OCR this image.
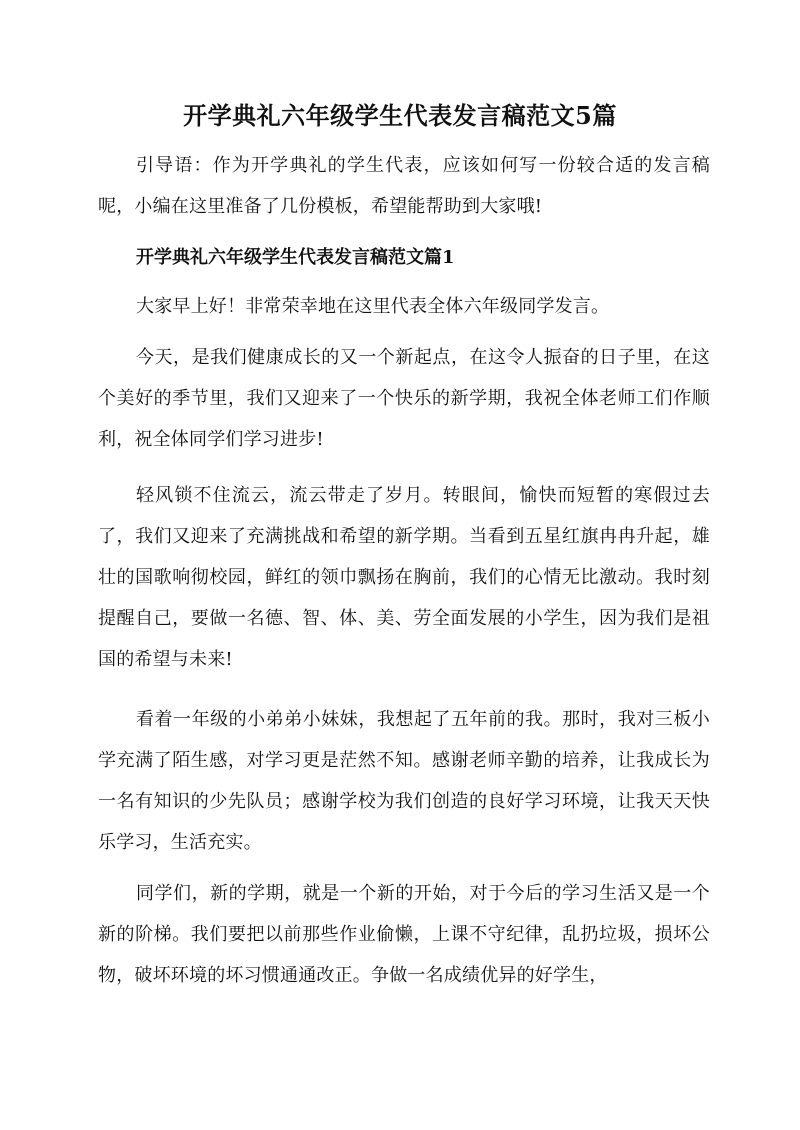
开学典礼六年级学生代表发言稿范文5篇

引导语：作为开学典礼的学生代表，应该如何写一份较合适的发言稿呢，小编在这里准备了几份模板，希望能帮助到大家哦!

开学典礼六年级学生代表发言稿范文篇1

大家早上好！非常荣幸地在这里代表全体六年级同学发言。

今天，是我们健康成长的又一个新起点，在这令人振奋的日子里，在这个美好的季节里，我们又迎来了一个快乐的新学期，我祝全体老师工们作顺利，祝全体同学们学习进步!

轻风锁不住流云，流云带走了岁月。转眼间，愉快而短暂的寒假过去了，我们又迎来了充满挑战和希望的新学期。当看到五星红旗冉冉升起，雄壮的国歌响彻校园，鲜红的领巾飘扬在胸前，我们的心情无比激动。我时刻提醒自己，要做一名德、智、体、美、劳全面发展的小学生，因为我们是祖国的希望与未来!

看着一年级的小弟弟小妹妹，我想起了五年前的我。那时，我对三板小学充满了陌生感，对学习更是茫然不知。感谢老师辛勤的培养，让我成长为一名有知识的少先队员；感谢学校为我们创造的良好学习环境，让我天天快乐学习，生活充实。

同学们，新的学期，就是一个新的开始，对于今后的学习生活又是一个新的阶梯。我们要把以前那些作业偷懒，上课不守纪律，乱扔垃圾，损坏公物，破坏环境的坏习惯通通改正。争做一名成绩优异的好学生，
